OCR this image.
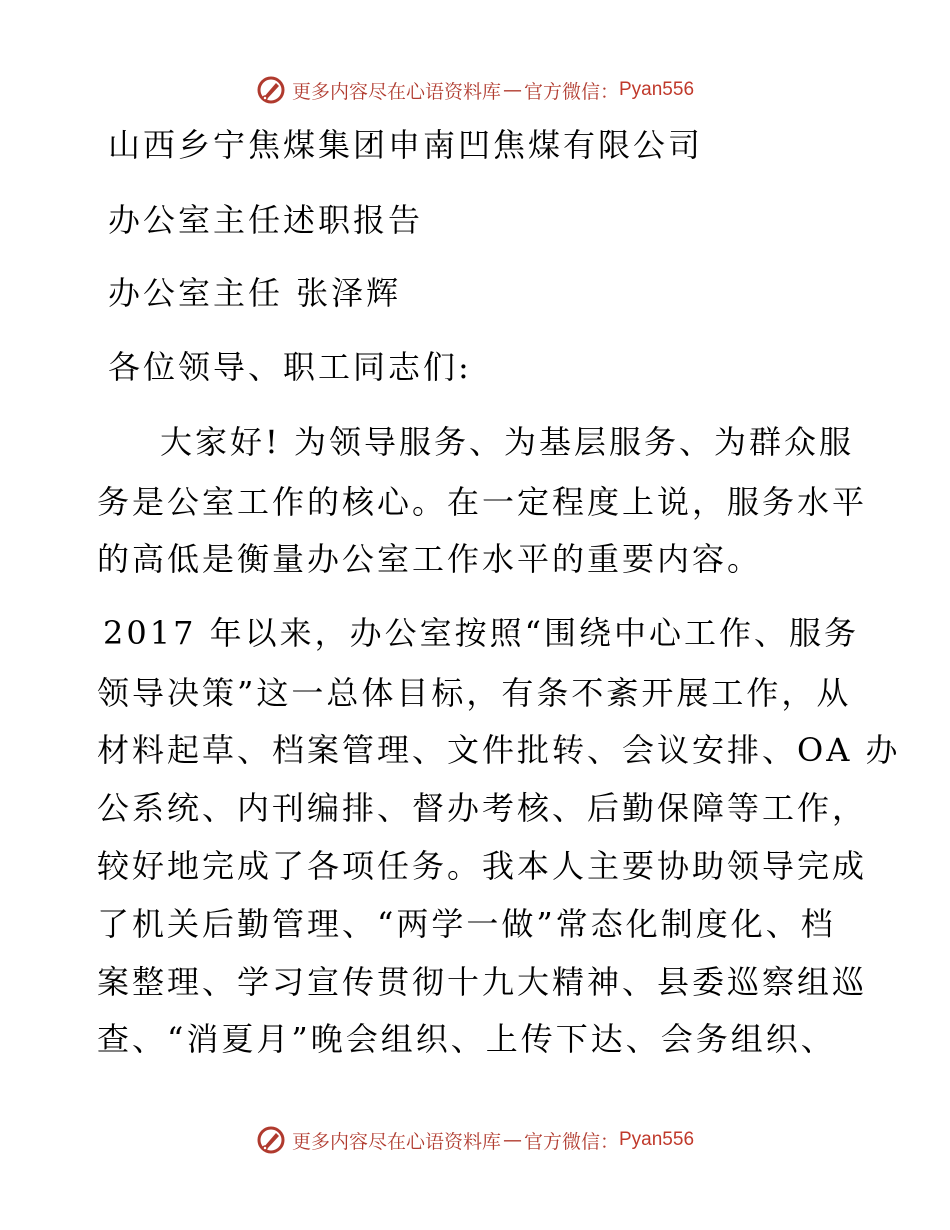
更多内容尽在心语资料库 — 官方微信： Pyan556
山西乡宁焦煤集团申南凹焦煤有限公司
办公室主任述职报告
办公室主任 张泽辉
各位领导、职工同志们:
大家好! 为领导服务、为基层服务、为群众服
务是公室工作的核心。在一定程度上说，服务水平
的高低是衡量办公室工作水平的重要内容。
2017 年以来，办公室按照“围绕中心工作、服务
领导决策”这一总体目标，有条不紊开展工作，从
材料起草、档案管理、文件批转、会议安排、OA 办
公系统、内刊编排、督办考核、后勤保障等工作，
较好地完成了各项任务。我本人主要协助领导完成
了机关后勤管理、“两学一做”常态化制度化、档
案整理、学习宣传贯彻十九大精神、县委巡察组巡
查、“消夏月”晚会组织、上传下达、会务组织、
更多内容尽在心语资料库 — 官方微信： Pyan556
